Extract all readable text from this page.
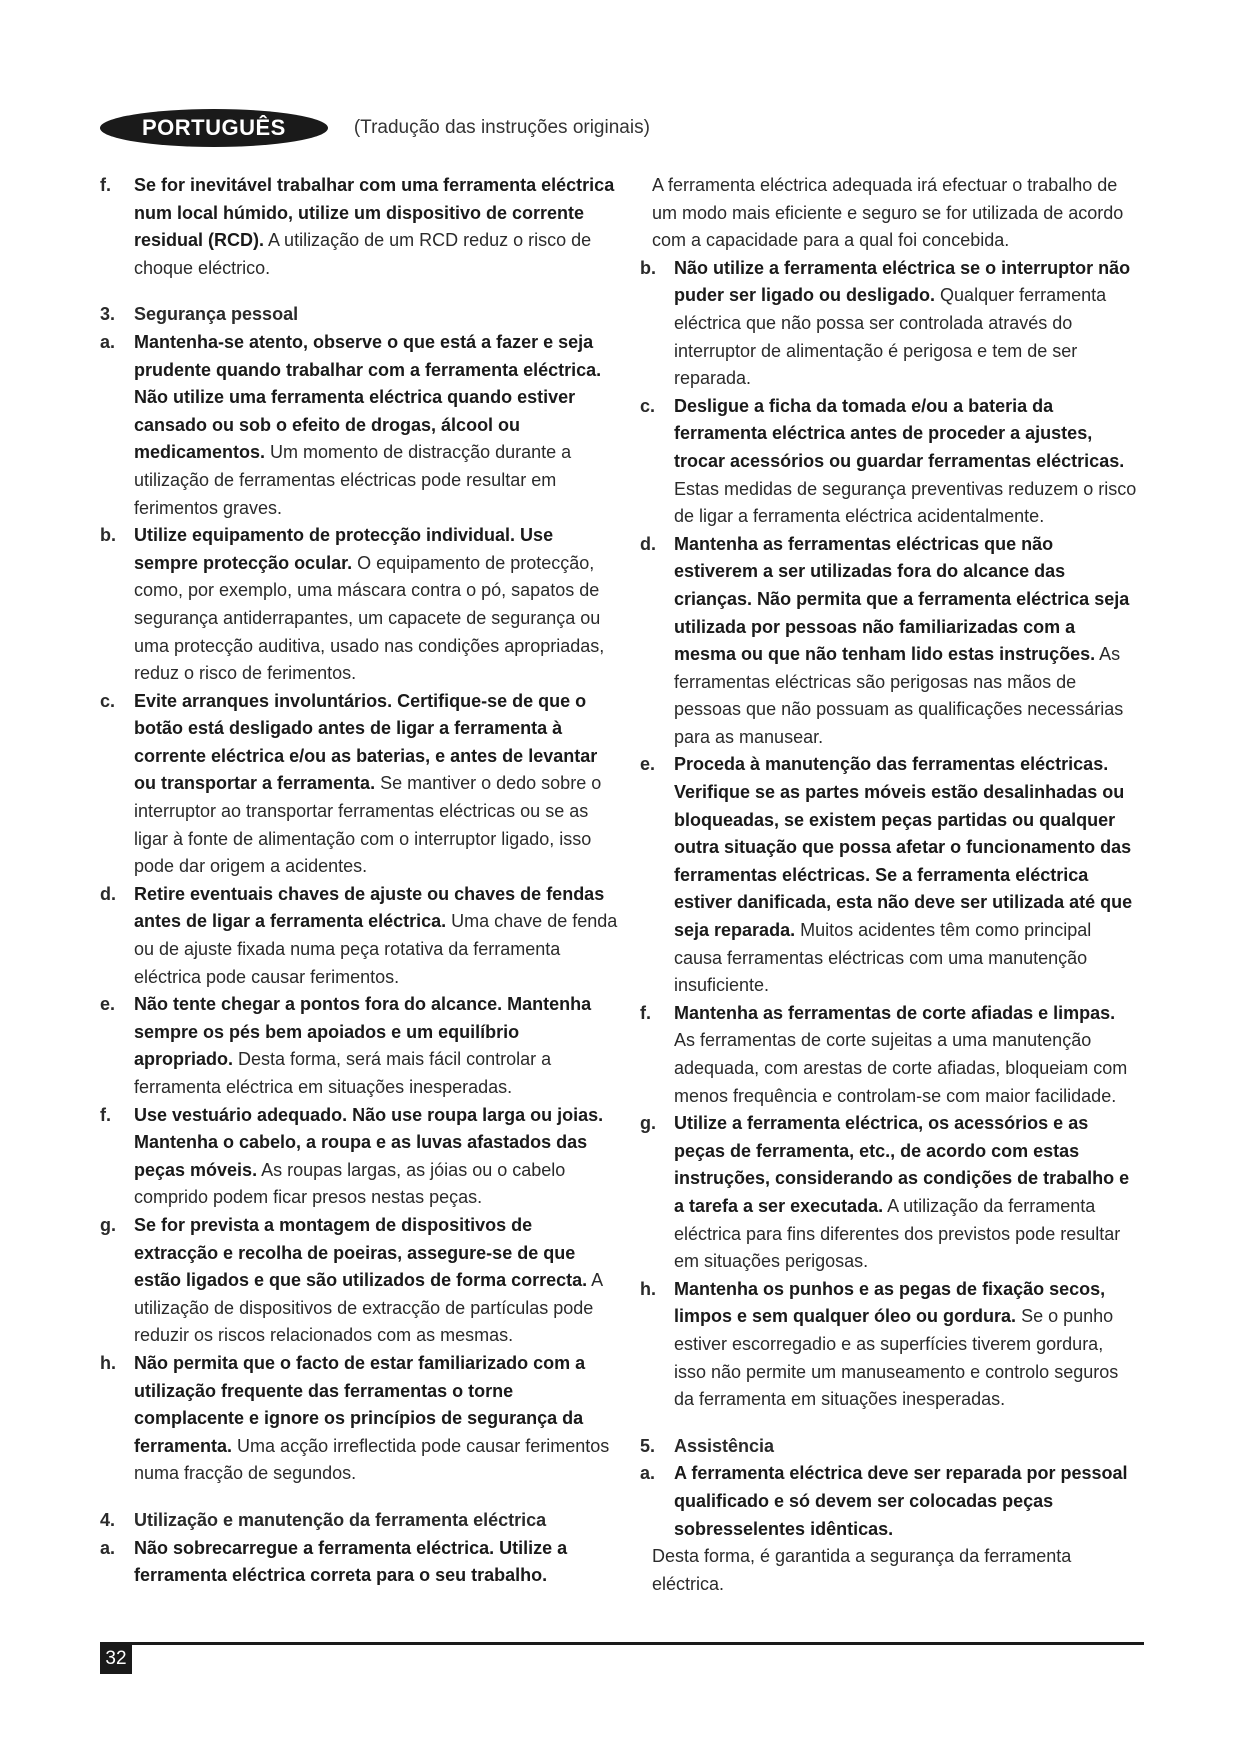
PORTUGUÊS	(Tradução das instruções originais)
f. Se for inevitável trabalhar com uma ferramenta eléctrica num local húmido, utilize um dispositivo de corrente residual (RCD). A utilização de um RCD reduz o risco de choque eléctrico.
3. Segurança pessoal
a. Mantenha-se atento, observe o que está a fazer e seja prudente quando trabalhar com a ferramenta eléctrica. Não utilize uma ferramenta eléctrica quando estiver cansado ou sob o efeito de drogas, álcool ou medicamentos. Um momento de distracção durante a utilização de ferramentas eléctricas pode resultar em ferimentos graves.
b. Utilize equipamento de protecção individual. Use sempre protecção ocular. O equipamento de protecção, como, por exemplo, uma máscara contra o pó, sapatos de segurança antiderrapantes, um capacete de segurança ou uma protecção auditiva, usado nas condições apropriadas, reduz o risco de ferimentos.
c. Evite arranques involuntários. Certifique-se de que o botão está desligado antes de ligar a ferramenta à corrente eléctrica e/ou as baterias, e antes de levantar ou transportar a ferramenta. Se mantiver o dedo sobre o interruptor ao transportar ferramentas eléctricas ou se as ligar à fonte de alimentação com o interruptor ligado, isso pode dar origem a acidentes.
d. Retire eventuais chaves de ajuste ou chaves de fendas antes de ligar a ferramenta eléctrica. Uma chave de fenda ou de ajuste fixada numa peça rotativa da ferramenta eléctrica pode causar ferimentos.
e. Não tente chegar a pontos fora do alcance. Mantenha sempre os pés bem apoiados e um equilíbrio apropriado. Desta forma, será mais fácil controlar a ferramenta eléctrica em situações inesperadas.
f. Use vestuário adequado. Não use roupa larga ou joias. Mantenha o cabelo, a roupa e as luvas afastados das peças móveis. As roupas largas, as jóias ou o cabelo comprido podem ficar presos nestas peças.
g. Se for prevista a montagem de dispositivos de extracção e recolha de poeiras, assegure-se de que estão ligados e que são utilizados de forma correcta. A utilização de dispositivos de extracção de partículas pode reduzir os riscos relacionados com as mesmas.
h. Não permita que o facto de estar familiarizado com a utilização frequente das ferramentas o torne complacente e ignore os princípios de segurança da ferramenta. Uma acção irreflectida pode causar ferimentos numa fracção de segundos.
4. Utilização e manutenção da ferramenta eléctrica
a. Não sobrecarregue a ferramenta eléctrica. Utilize a ferramenta eléctrica correta para o seu trabalho.
A ferramenta eléctrica adequada irá efectuar o trabalho de um modo mais eficiente e seguro se for utilizada de acordo com a capacidade para a qual foi concebida.
b. Não utilize a ferramenta eléctrica se o interruptor não puder ser ligado ou desligado. Qualquer ferramenta eléctrica que não possa ser controlada através do interruptor de alimentação é perigosa e tem de ser reparada.
c. Desligue a ficha da tomada e/ou a bateria da ferramenta eléctrica antes de proceder a ajustes, trocar acessórios ou guardar ferramentas eléctricas. Estas medidas de segurança preventivas reduzem o risco de ligar a ferramenta eléctrica acidentalmente.
d. Mantenha as ferramentas eléctricas que não estiverem a ser utilizadas fora do alcance das crianças. Não permita que a ferramenta eléctrica seja utilizada por pessoas não familiarizadas com a mesma ou que não tenham lido estas instruções. As ferramentas eléctricas são perigosas nas mãos de pessoas que não possuam as qualificações necessárias para as manusear.
e. Proceda à manutenção das ferramentas eléctricas. Verifique se as partes móveis estão desalinhadas ou bloqueadas, se existem peças partidas ou qualquer outra situação que possa afetar o funcionamento das ferramentas eléctricas. Se a ferramenta eléctrica estiver danificada, esta não deve ser utilizada até que seja reparada. Muitos acidentes têm como principal causa ferramentas eléctricas com uma manutenção insuficiente.
f. Mantenha as ferramentas de corte afiadas e limpas. As ferramentas de corte sujeitas a uma manutenção adequada, com arestas de corte afiadas, bloqueiam com menos frequência e controlam-se com maior facilidade.
g. Utilize a ferramenta eléctrica, os acessórios e as peças de ferramenta, etc., de acordo com estas instruções, considerando as condições de trabalho e a tarefa a ser executada. A utilização da ferramenta eléctrica para fins diferentes dos previstos pode resultar em situações perigosas.
h. Mantenha os punhos e as pegas de fixação secos, limpos e sem qualquer óleo ou gordura. Se o punho estiver escorregadio e as superfícies tiverem gordura, isso não permite um manuseamento e controlo seguros da ferramenta em situações inesperadas.
5. Assistência
a. A ferramenta eléctrica deve ser reparada por pessoal qualificado e só devem ser colocadas peças sobresselentes idênticas.
Desta forma, é garantida a segurança da ferramenta eléctrica.
32
